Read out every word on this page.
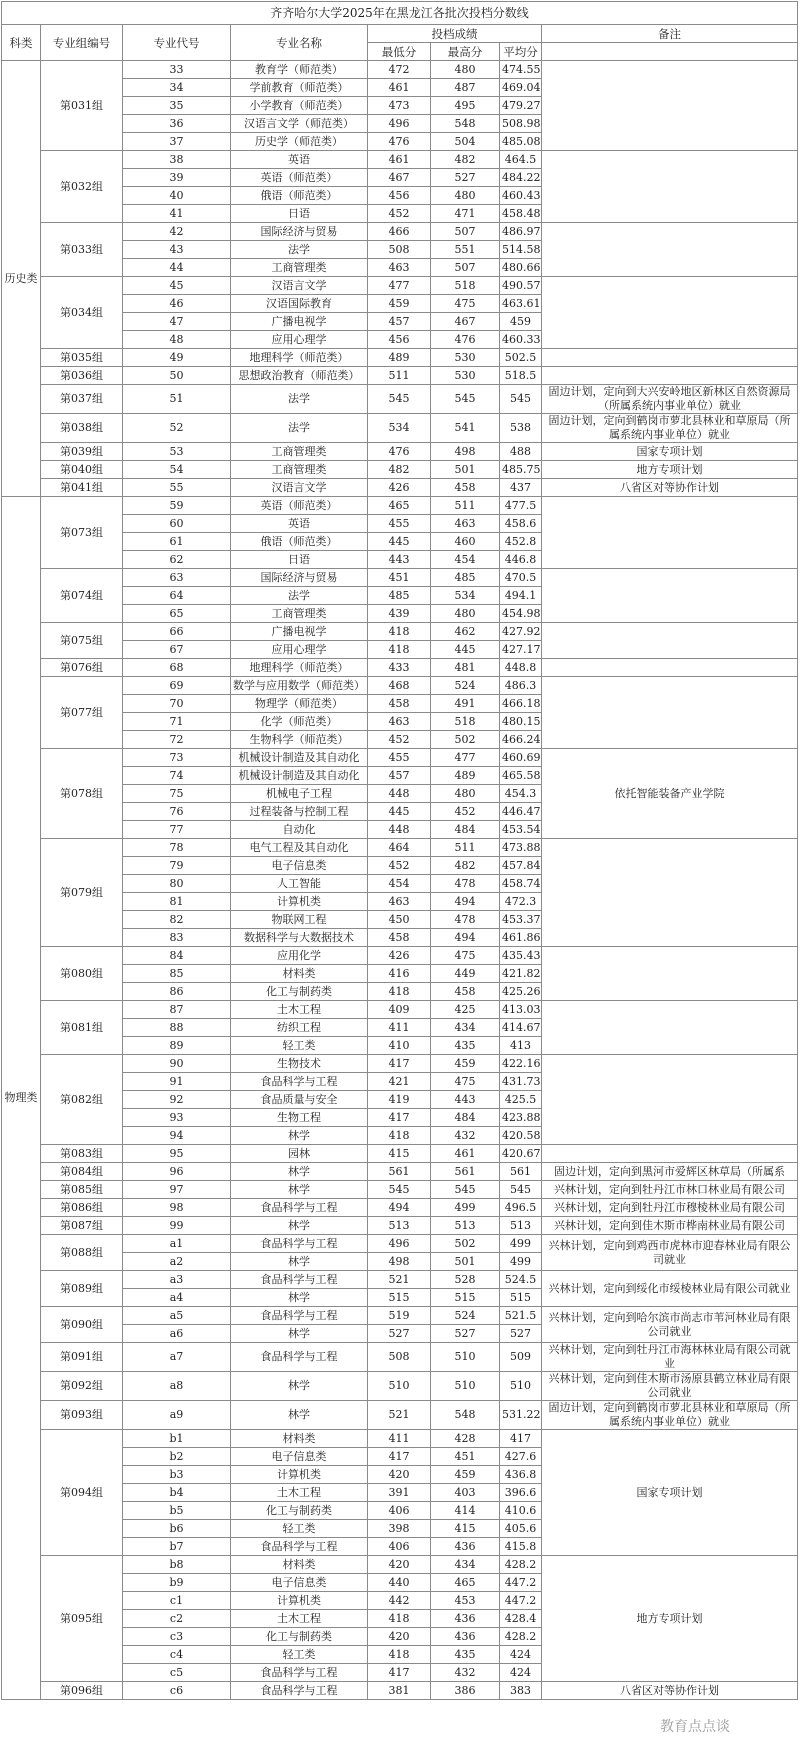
齐齐哈尔大学2025年在黑龙江各批次投档分数线							
科类	专业组编号	专业代号	专业名称	投档成绩			备注
				最低分	最高分	平均分	
历史类	第031组	33	教育学（师范类）	472	480	474.55	
		34	学前教育（师范类）	461	487	469.04	
		35	小学教育（师范类）	473	495	479.27	
		36	汉语言文学（师范类）	496	548	508.98	
		37	历史学（师范类）	476	504	485.08	
	第032组	38	英语	461	482	464.5	
		39	英语（师范类）	467	527	484.22	
		40	俄语（师范类）	456	480	460.43	
		41	日语	452	471	458.48	
	第033组	42	国际经济与贸易	466	507	486.97	
		43	法学	508	551	514.58	
		44	工商管理类	463	507	480.66	
	第034组	45	汉语言文学	477	518	490.57	
		46	汉语国际教育	459	475	463.61	
		47	广播电视学	457	467	459	
		48	应用心理学	456	476	460.33	
	第035组	49	地理科学（师范类）	489	530	502.5	
	第036组	50	思想政治教育（师范类）	511	530	518.5	
	第037组	51	法学	545	545	545	固边计划，定向到大兴安岭地区新林区自然资源局（所属系统内事业单位）就业
	第038组	52	法学	534	541	538	固边计划，定向到鹤岗市萝北县林业和草原局（所属系统内事业单位）就业
	第039组	53	工商管理类	476	498	488	国家专项计划
	第040组	54	工商管理类	482	501	485.75	地方专项计划
	第041组	55	汉语言文学	426	458	437	八省区对等协作计划
物理类	第073组	59	英语（师范类）	465	511	477.5	
		60	英语	455	463	458.6	
		61	俄语（师范类）	445	460	452.8	
		62	日语	443	454	446.8	
	第074组	63	国际经济与贸易	451	485	470.5	
		64	法学	485	534	494.1	
		65	工商管理类	439	480	454.98	
	第075组	66	广播电视学	418	462	427.92	
		67	应用心理学	418	445	427.17	
	第076组	68	地理科学（师范类）	433	481	448.8	
	第077组	69	数学与应用数学（师范类）	468	524	486.3	
		70	物理学（师范类）	458	491	466.18	
		71	化学（师范类）	463	518	480.15	
		72	生物科学（师范类）	452	502	466.24	
	第078组	73	机械设计制造及其自动化	455	477	460.69	依托智能装备产业学院
		74	机械设计制造及其自动化	457	489	465.58	
		75	机械电子工程	448	480	454.3	
		76	过程装备与控制工程	445	452	446.47	
		77	自动化	448	484	453.54	
	第079组	78	电气工程及其自动化	464	511	473.88	
		79	电子信息类	452	482	457.84	
		80	人工智能	454	478	458.74	
		81	计算机类	463	494	472.3	
		82	物联网工程	450	478	453.37	
		83	数据科学与大数据技术	458	494	461.86	
	第080组	84	应用化学	426	475	435.43	
		85	材料类	416	449	421.82	
		86	化工与制药类	418	458	425.26	
	第081组	87	土木工程	409	425	413.03	
		88	纺织工程	411	434	414.67	
		89	轻工类	410	435	413	
	第082组	90	生物技术	417	459	422.16	
		91	食品科学与工程	421	475	431.73	
		92	食品质量与安全	419	443	425.5	
		93	生物工程	417	484	423.88	
		94	林学	418	432	420.58	
	第083组	95	园林	415	461	420.67	
	第084组	96	林学	561	561	561	固边计划，定向到黑河市爱辉区林草局（所属系
	第085组	97	林学	545	545	545	兴林计划，定向到牡丹江市林口林业局有限公司
	第086组	98	食品科学与工程	494	499	496.5	兴林计划，定向到牡丹江市穆棱林业局有限公司
	第087组	99	林学	513	513	513	兴林计划，定向到佳木斯市桦南林业局有限公司
	第088组	a1	食品科学与工程	496	502	499	兴林计划，定向到鸡西市虎林市迎春林业局有限公司就业
		a2	林学	498	501	499	
	第089组	a3	食品科学与工程	521	528	524.5	兴林计划，定向到绥化市绥棱林业局有限公司就业
		a4	林学	515	515	515	
	第090组	a5	食品科学与工程	519	524	521.5	兴林计划，定向到哈尔滨市尚志市苇河林业局有限公司就业
		a6	林学	527	527	527	
	第091组	a7	食品科学与工程	508	510	509	兴林计划，定向到牡丹江市海林林业局有限公司就业
	第092组	a8	林学	510	510	510	兴林计划，定向到佳木斯市汤原县鹤立林业局有限公司就业
	第093组	a9	林学	521	548	531.22	固边计划，定向到鹤岗市萝北县林业和草原局（所属系统内事业单位）就业
	第094组	b1	材料类	411	428	417	国家专项计划
		b2	电子信息类	417	451	427.6	
		b3	计算机类	420	459	436.8	
		b4	土木工程	391	403	396.6	
		b5	化工与制药类	406	414	410.6	
		b6	轻工类	398	415	405.6	
		b7	食品科学与工程	406	436	415.8	
	第095组	b8	材料类	420	434	428.2	地方专项计划
		b9	电子信息类	440	465	447.2	
		c1	计算机类	442	453	447.2	
		c2	土木工程	418	436	428.4	
		c3	化工与制药类	420	436	428.2	
		c4	轻工类	418	435	424	
		c5	食品科学与工程	417	432	424	
	第096组	c6	食品科学与工程	381	386	383	八省区对等协作计划
教育点点谈
